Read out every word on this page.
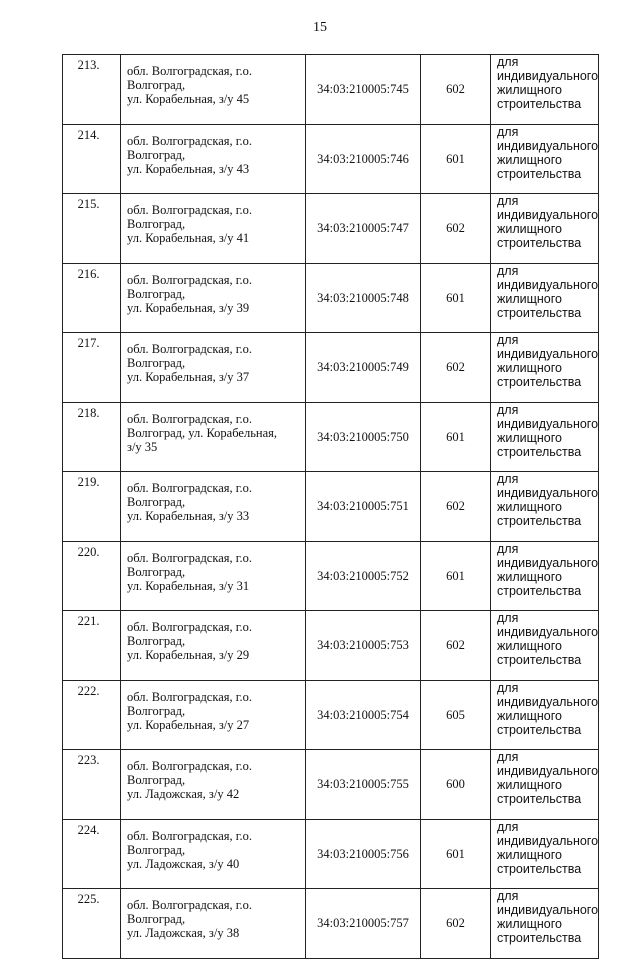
15
213.	обл. Волгоградская, г.о.
Волгоград,
ул. Корабельная, з/у 45	34:03:210005:745	602	для
индивидуального
жилищного
строительства

214.	обл. Волгоградская, г.о.
Волгоград,
ул. Корабельная, з/у 43	34:03:210005:746	601	для
индивидуального
жилищного
строительства

215.	обл. Волгоградская, г.о.
Волгоград,
ул. Корабельная, з/у 41	34:03:210005:747	602	для
индивидуального
жилищного
строительства

216.	обл. Волгоградская, г.о.
Волгоград,
ул. Корабельная, з/у 39	34:03:210005:748	601	для
индивидуального
жилищного
строительства

217.	обл. Волгоградская, г.о.
Волгоград,
ул. Корабельная, з/у 37	34:03:210005:749	602	для
индивидуального
жилищного
строительства

218.	обл. Волгоградская, г.о.
Волгоград, ул. Корабельная,
з/у 35	34:03:210005:750	601	для
индивидуального
жилищного
строительства

219.	обл. Волгоградская, г.о.
Волгоград,
ул. Корабельная, з/у 33	34:03:210005:751	602	для
индивидуального
жилищного
строительства

220.	обл. Волгоградская, г.о.
Волгоград,
ул. Корабельная, з/у 31	34:03:210005:752	601	для
индивидуального
жилищного
строительства

221.	обл. Волгоградская, г.о.
Волгоград,
ул. Корабельная, з/у 29	34:03:210005:753	602	для
индивидуального
жилищного
строительства

222.	обл. Волгоградская, г.о.
Волгоград,
ул. Корабельная, з/у 27	34:03:210005:754	605	для
индивидуального
жилищного
строительства

223.	обл. Волгоградская, г.о.
Волгоград,
ул. Ладожская, з/у 42	34:03:210005:755	600	для
индивидуального
жилищного
строительства

224.	обл. Волгоградская, г.о.
Волгоград,
ул. Ладожская, з/у 40	34:03:210005:756	601	для
индивидуального
жилищного
строительства

225.	обл. Волгоградская, г.о.
Волгоград,
ул. Ладожская, з/у 38	34:03:210005:757	602	для
индивидуального
жилищного
строительства
